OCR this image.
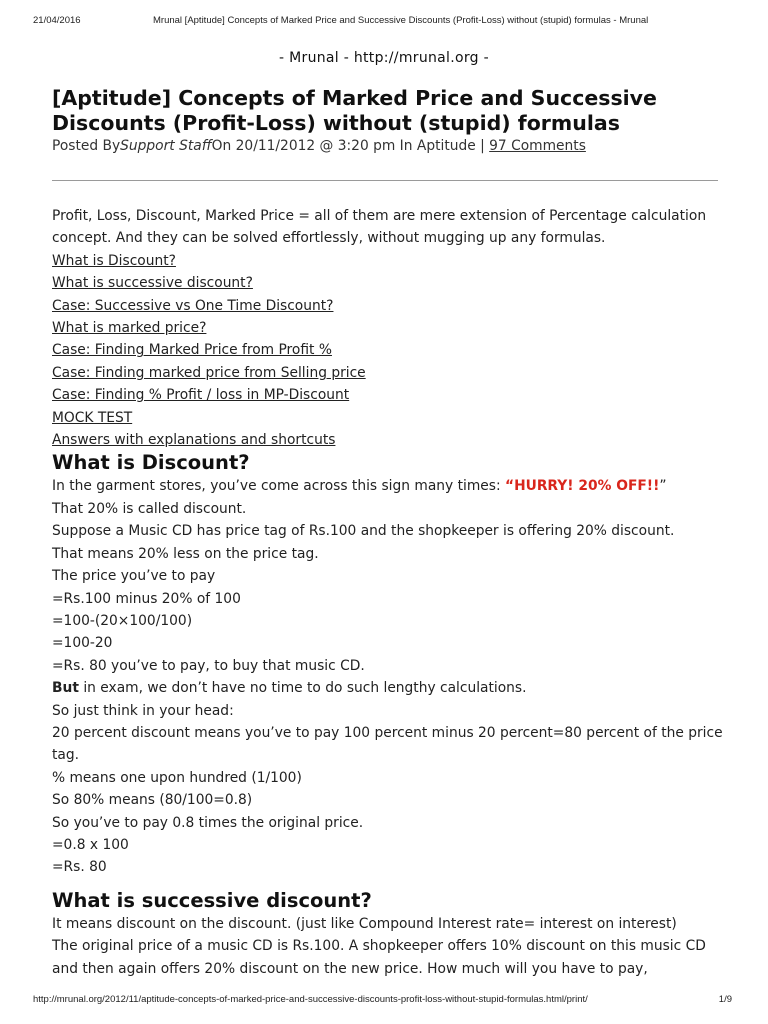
21/04/2016	Mrunal [Aptitude] Concepts of Marked Price and Successive Discounts (Profit-Loss) without (stupid) formulas - Mrunal
- Mrunal - http://mrunal.org -
[Aptitude] Concepts of Marked Price and Successive Discounts (Profit-Loss) without (stupid) formulas
Posted BySupport StaffOn 20/11/2012 @ 3:20 pm In Aptitude | 97 Comments

Profit, Loss, Discount, Marked Price = all of them are mere extension of Percentage calculation concept. And they can be solved effortlessly, without mugging up any formulas.

What is Discount?
What is successive discount?
Case: Successive vs One Time Discount?
What is marked price?
Case: Finding Marked Price from Profit %
Case: Finding marked price from Selling price
Case: Finding % Profit / loss in MP-Discount
MOCK TEST
Answers with explanations and shortcuts
What is Discount?

In the garment stores, you’ve come across this sign many times: “HURRY! 20% OFF!!”

That 20% is called discount.
Suppose a Music CD has price tag of Rs.100 and the shopkeeper is offering 20% discount.
That means 20% less on the price tag.
The price you’ve to pay
=Rs.100 minus 20% of 100
=100-(20×100/100)
=100-20
=Rs. 80 you’ve to pay, to buy that music CD.

But in exam, we don’t have no time to do such lengthy calculations.

So just think in your head:
20 percent discount means you’ve to pay 100 percent minus 20 percent=80 percent of the price tag.
% means one upon hundred (1/100)
So 80% means (80/100=0.8)
So you’ve to pay 0.8 times the original price.
=0.8 x 100
=Rs. 80
What is successive discount?
It means discount on the discount. (just like Compound Interest rate= interest on interest)
The original price of a music CD is Rs.100. A shopkeeper offers 10% discount on this music CD and then again offers 20% discount on the new price. How much will you have to pay,
http://mrunal.org/2012/11/aptitude-concepts-of-marked-price-and-successive-discounts-profit-loss-without-stupid-formulas.html/print/	1/9
